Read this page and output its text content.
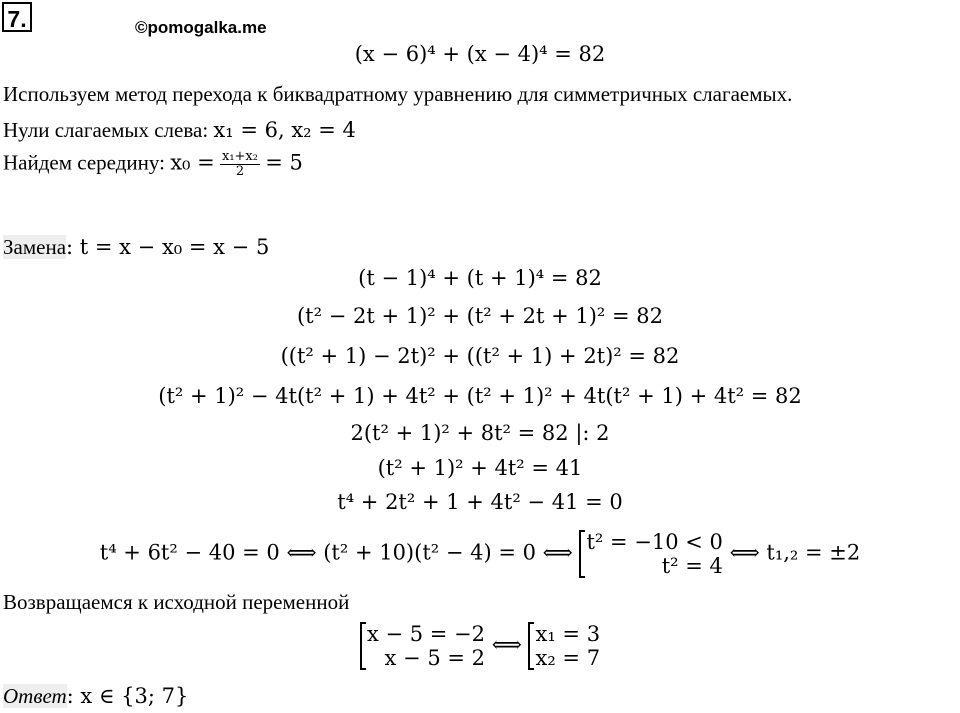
7.	©pomogalka.me
(x − 6)⁴ + (x − 4)⁴ = 82
Используем метод перехода к биквадратному уравнению для симметричных слагаемых.
Нули слагаемых слева: x₁ = 6, x₂ = 4
Найдем середину: $x_0 = \frac{\text{x₁+x₂}}{2} = 5$
Замена: t = x − x₀ = x − 5
(t − 1)⁴ + (t + 1)⁴ = 82
(t² − 2t + 1)² + (t² + 2t + 1)² = 82
((t² + 1) − 2t)² + ((t² + 1) + 2t)² = 82
(t² + 1)² − 4t(t² + 1) + 4t² + (t² + 1)² + 4t(t² + 1) + 4t² = 82
2(t² + 1)² + 8t² = 82 |: 2
(t² + 1)² + 4t² = 41
t⁴ + 2t² + 1 + 4t² − 41 = 0
t⁴ + 6t² − 40 = 0 ⟺ (t² + 10)(t² − 4) = 0 ⟺ t² = −10 < 0
t² = 4
⟺ t₁,₂ = ±2
Возвращаемся к исходной переменной
x − 5 = −2
x − 5 = 2
⟺ x₁ = 3
x₂ = 7
Ответ: x ∈ {3; 7}
